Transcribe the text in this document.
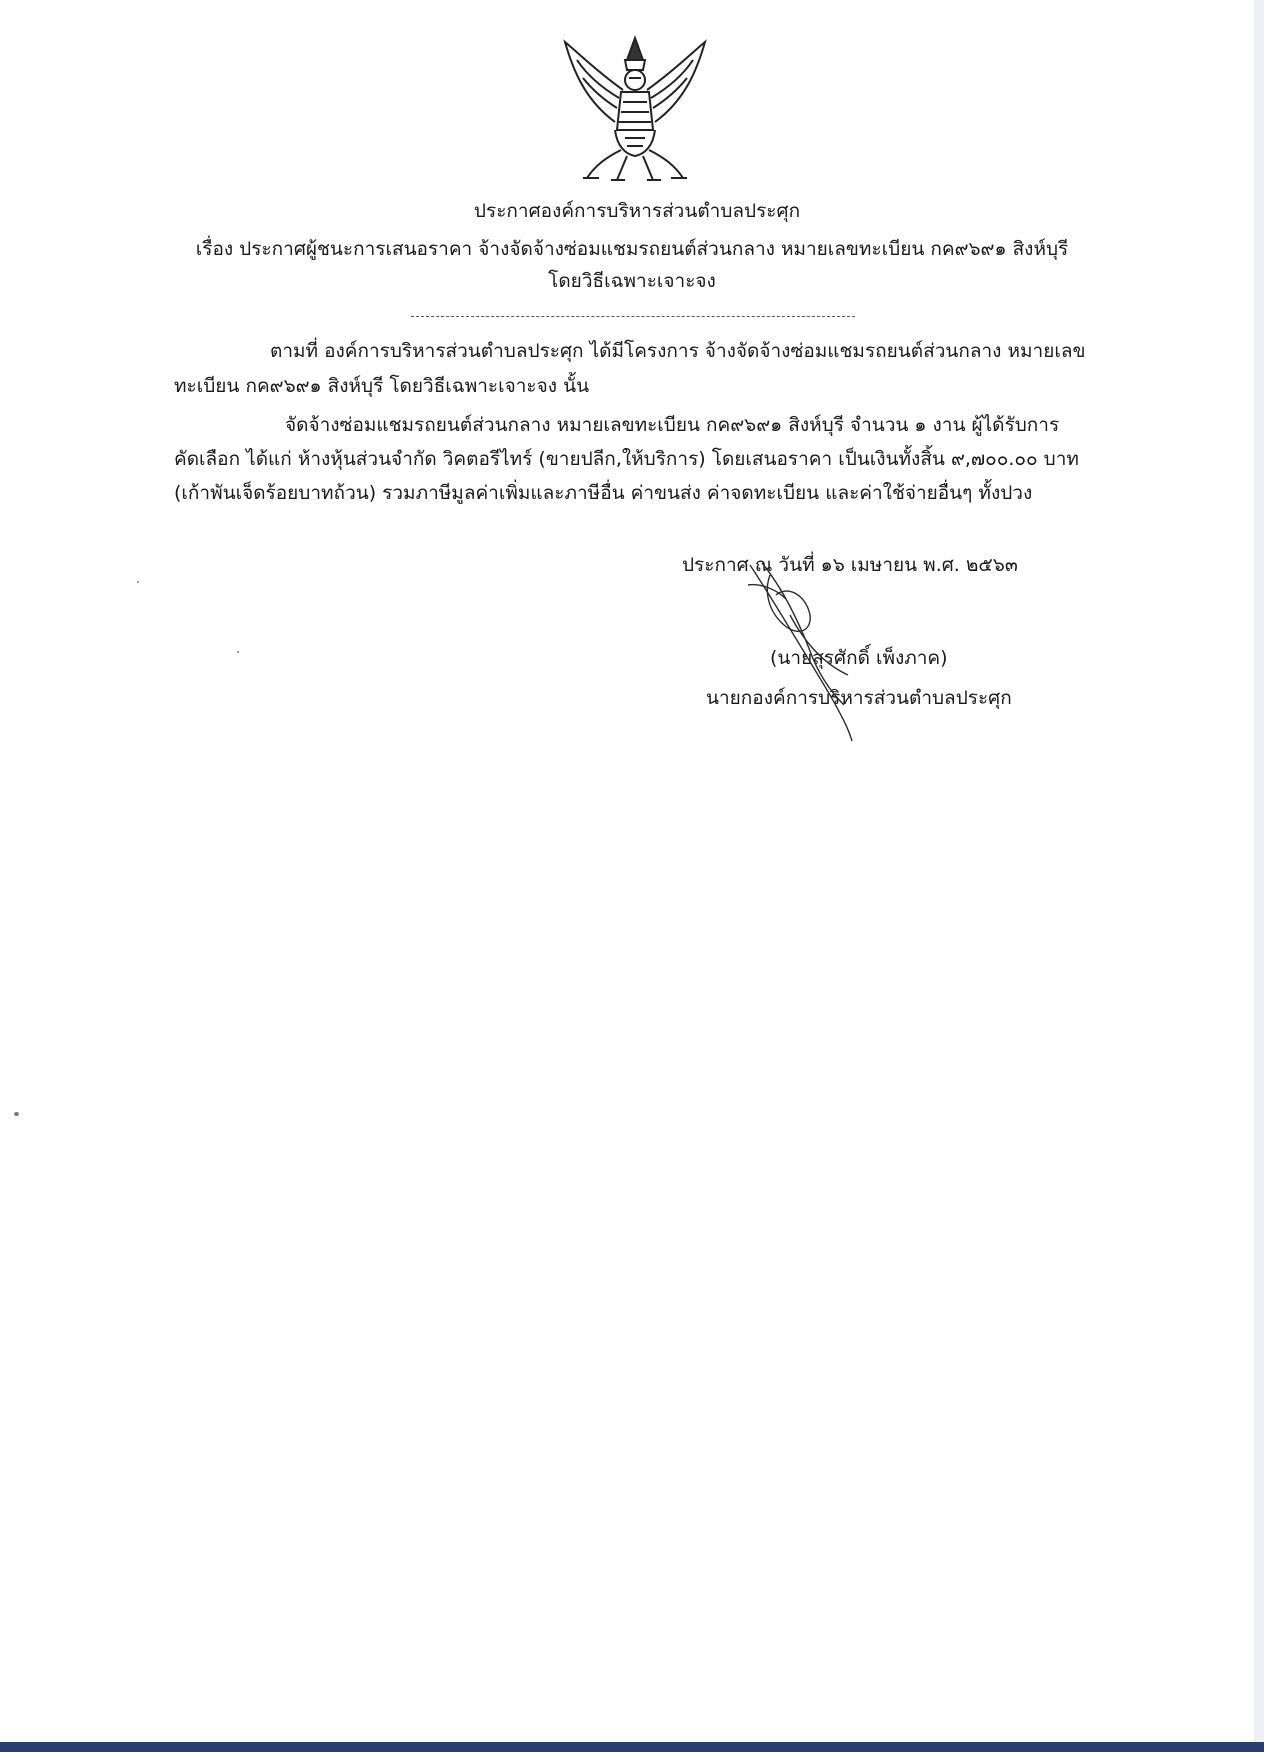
ประกาศองค์การบริหารส่วนตำบลประศุก
เรื่อง ประกาศผู้ชนะการเสนอราคา จ้างจัดจ้างซ่อมแชมรถยนต์ส่วนกลาง หมายเลขทะเบียน กค๙๖๙๑ สิงห์บุรี
โดยวิธีเฉพาะเจาะจง
ตามที่ องค์การบริหารส่วนตำบลประศุก ได้มีโครงการ จ้างจัดจ้างซ่อมแชมรถยนต์ส่วนกลาง หมายเลข
ทะเบียน กค๙๖๙๑ สิงห์บุรี โดยวิธีเฉพาะเจาะจง นั้น
จัดจ้างซ่อมแชมรถยนต์ส่วนกลาง หมายเลขทะเบียน กค๙๖๙๑ สิงห์บุรี จำนวน ๑ งาน ผู้ได้รับการ
คัดเลือก ได้แก่ ห้างหุ้นส่วนจำกัด วิคตอรีไทร์ (ขายปลีก,ให้บริการ) โดยเสนอราคา เป็นเงินทั้งสิ้น ๙,๗๐๐.๐๐ บาท
(เก้าพันเจ็ดร้อยบาทถ้วน) รวมภาษีมูลค่าเพิ่มและภาษีอื่น ค่าขนส่ง ค่าจดทะเบียน และค่าใช้จ่ายอื่นๆ ทั้งปวง
ประกาศ ณ วันที่ ๑๖ เมษายน พ.ศ. ๒๕๖๓
(นายสุรศักดิ์ เพ็งภาค)
นายกองค์การบริหารส่วนตำบลประศุก
